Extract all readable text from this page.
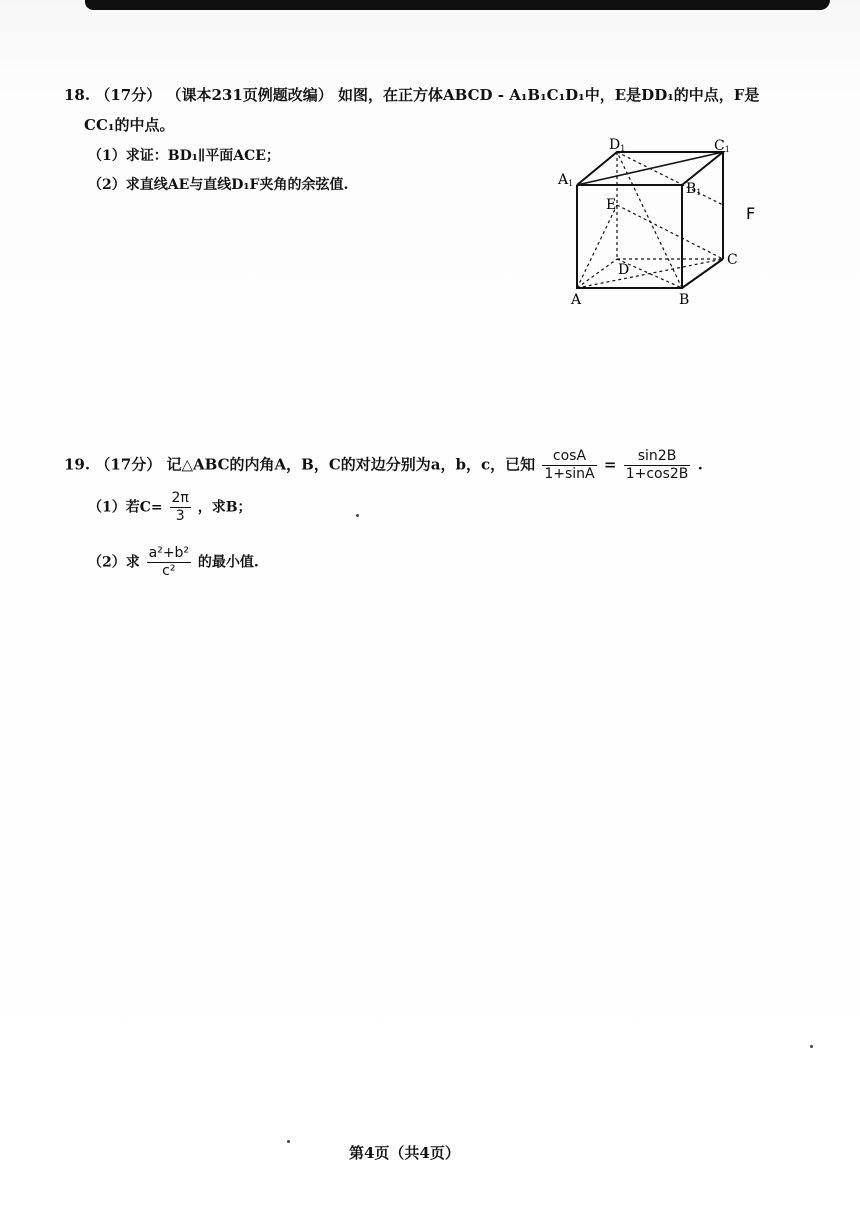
18. （17分） （课本231页例题改编） 如图，在正方体ABCD - A₁B₁C₁D₁中，E是DD₁的中点，F是
CC₁的中点。
（1）求证：BD₁∥平面ACE；
（2）求直线AE与直线D₁F夹角的余弦值.
D1	C1
A1	B1
E
D
C
A	B
F
19. （17分） 记△ABC的内角A，B，C的对边分别为a，b，c，已知 $\frac{\cos A}{1+\sin A} = \frac{\sin 2B}{1+\cos 2B}$ .
（1）若$C= \frac{2\pi}{3}$ ，求B；
（2）求 $\frac{\text{a²+b²}}{\text{c²}}$ 的最小值.
第4页（共4页）
